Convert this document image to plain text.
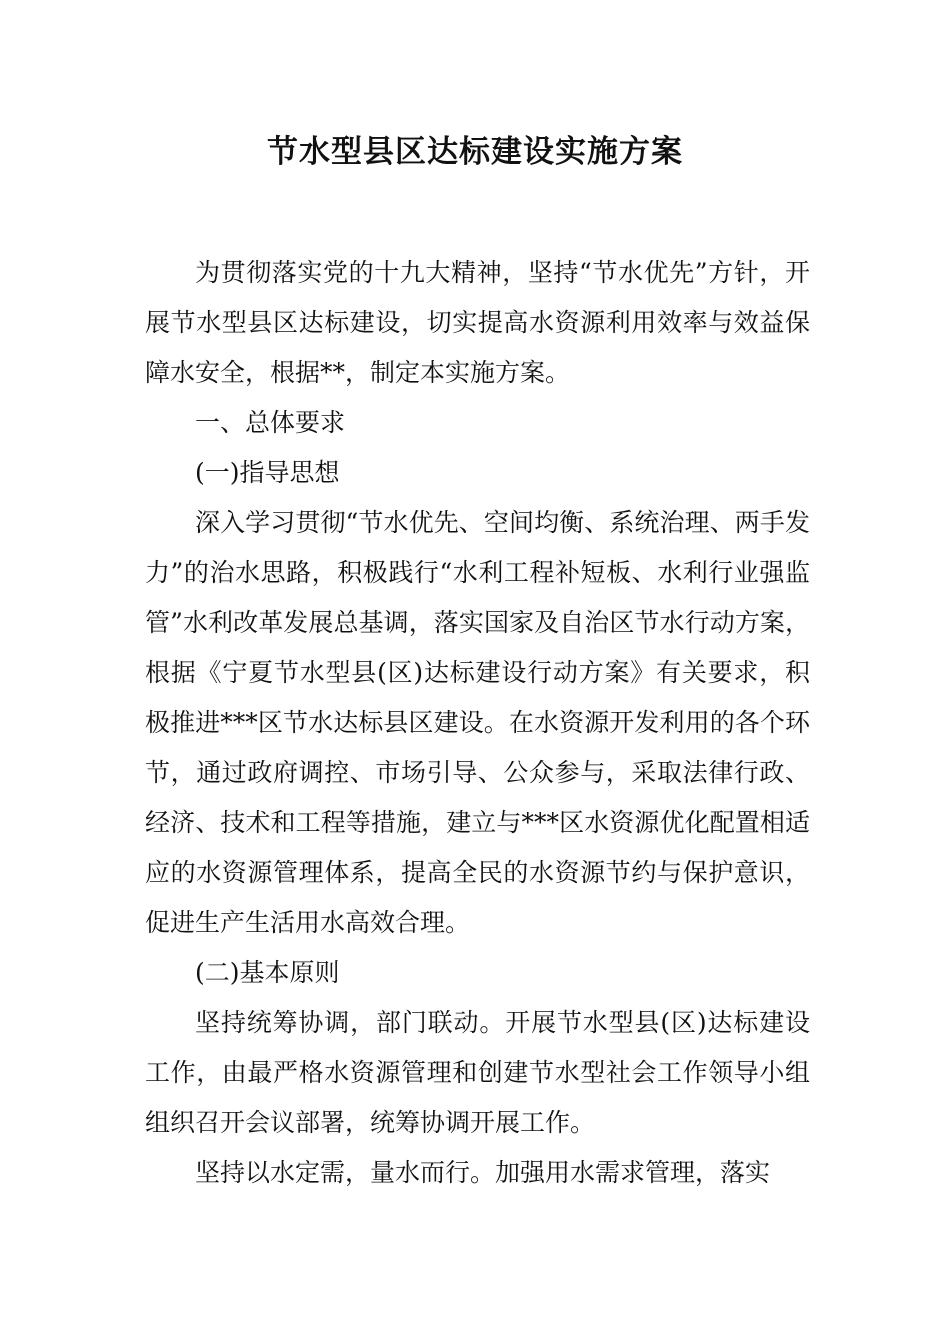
节水型县区达标建设实施方案

为贯彻落实党的十九大精神，坚持“节水优先”方针，开展节水型县区达标建设，切实提高水资源利用效率与效益保障水安全，根据**，制定本实施方案。

一、总体要求

(一)指导思想

深入学习贯彻“节水优先、空间均衡、系统治理、两手发力”的治水思路，积极践行“水利工程补短板、水利行业强监管”水利改革发展总基调，落实国家及自治区节水行动方案，根据《宁夏节水型县(区)达标建设行动方案》有关要求，积极推进***区节水达标县区建设。在水资源开发利用的各个环节，通过政府调控、市场引导、公众参与，采取法律行政、经济、技术和工程等措施，建立与***区水资源优化配置相适应的水资源管理体系，提高全民的水资源节约与保护意识，促进生产生活用水高效合理。

(二)基本原则

坚持统筹协调，部门联动。开展节水型县(区)达标建设工作，由最严格水资源管理和创建节水型社会工作领导小组组织召开会议部署，统筹协调开展工作。

坚持以水定需，量水而行。加强用水需求管理，落实
